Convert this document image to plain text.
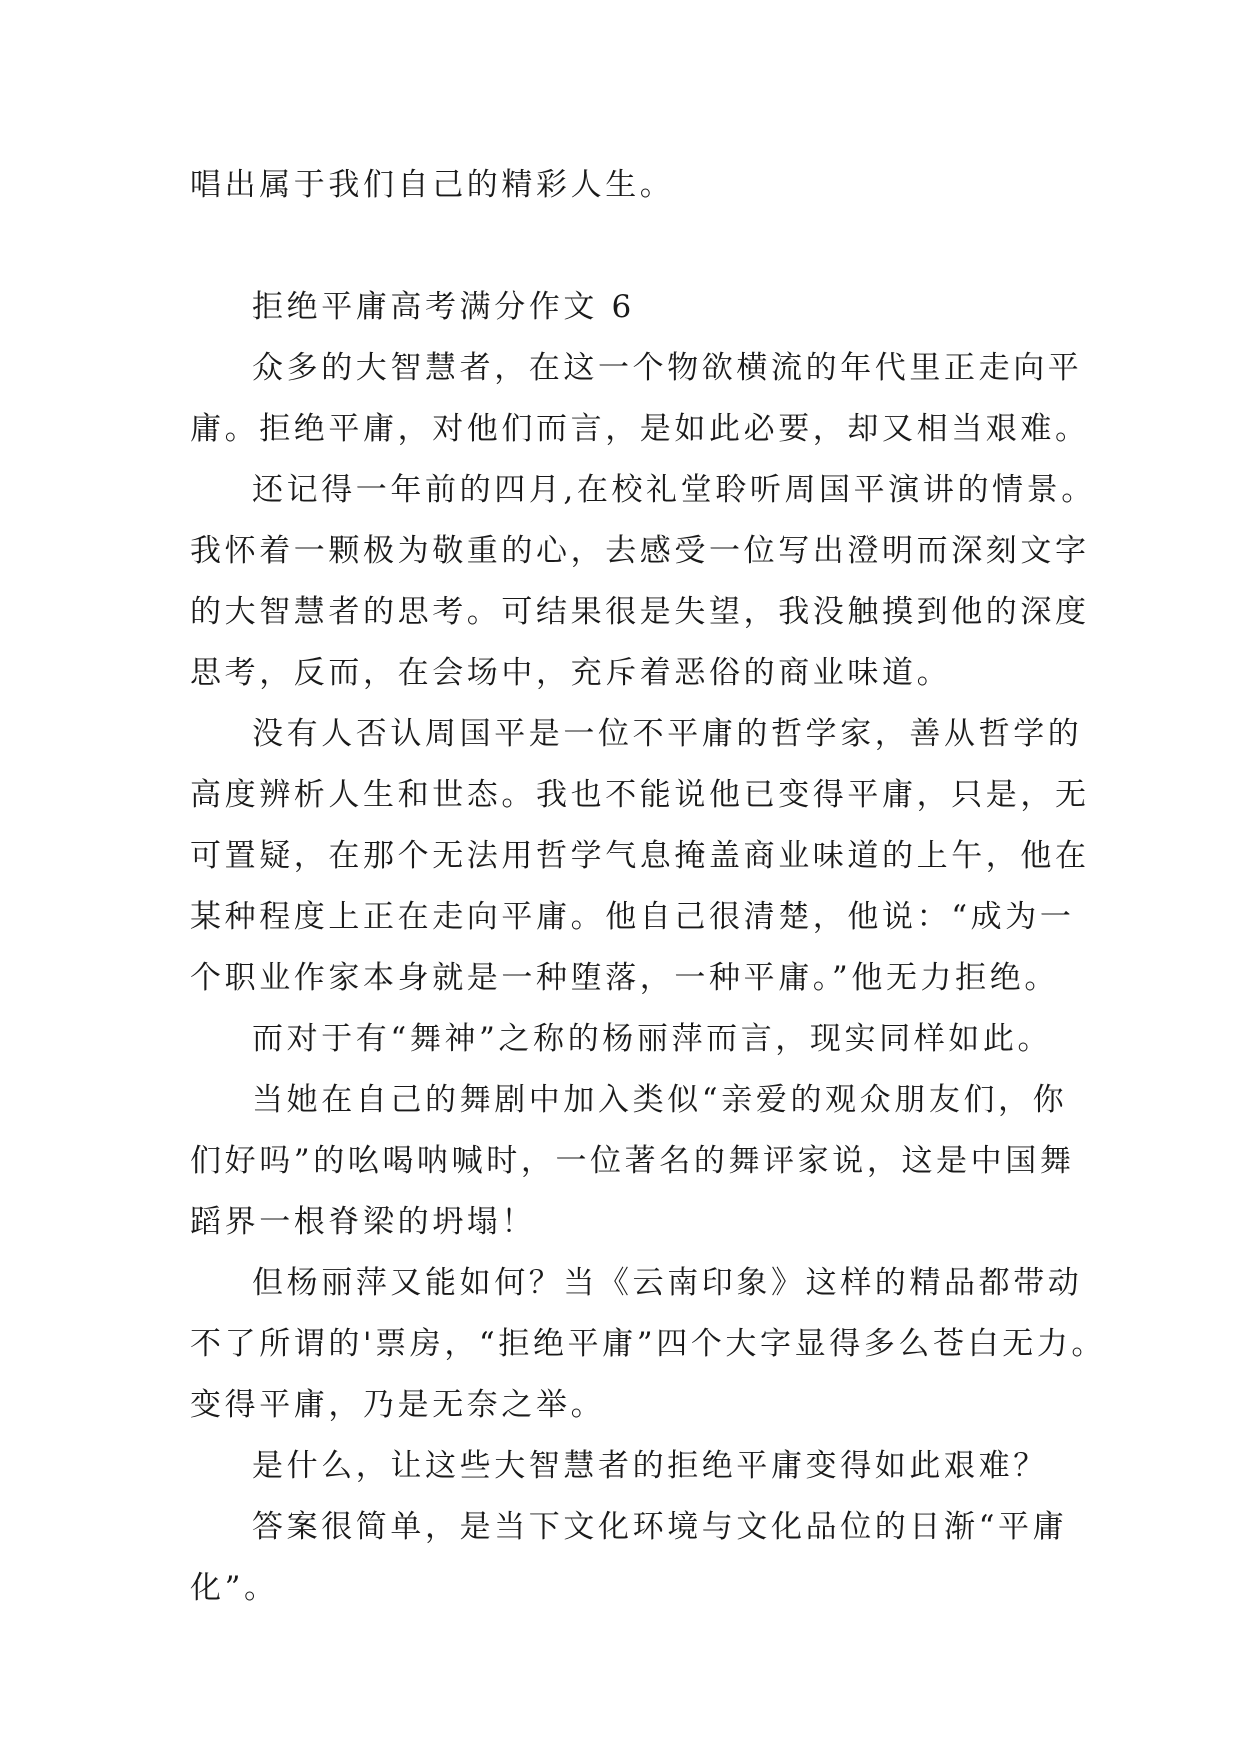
唱出属于我们自己的精彩人生。

拒绝平庸高考满分作文 6

众多的大智慧者，在这一个物欲横流的年代里正走向平
庸。拒绝平庸，对他们而言，是如此必要，却又相当艰难。

还记得一年前的四月,在校礼堂聆听周国平演讲的情景。
我怀着一颗极为敬重的心，去感受一位写出澄明而深刻文字
的大智慧者的思考。可结果很是失望，我没触摸到他的深度
思考，反而，在会场中，充斥着恶俗的商业味道。

没有人否认周国平是一位不平庸的哲学家，善从哲学的
高度辨析人生和世态。我也不能说他已变得平庸，只是，无
可置疑，在那个无法用哲学气息掩盖商业味道的上午，他在
某种程度上正在走向平庸。他自己很清楚，他说：“成为一
个职业作家本身就是一种堕落，一种平庸。”他无力拒绝。

而对于有“舞神”之称的杨丽萍而言，现实同样如此。

当她在自己的舞剧中加入类似“亲爱的观众朋友们，你
们好吗”的吆喝呐喊时，一位著名的舞评家说，这是中国舞
蹈界一根脊梁的坍塌！

但杨丽萍又能如何？当《云南印象》这样的精品都带动
不了所谓的'票房，“拒绝平庸”四个大字显得多么苍白无力。
变得平庸，乃是无奈之举。

是什么，让这些大智慧者的拒绝平庸变得如此艰难？

答案很简单，是当下文化环境与文化品位的日渐“平庸
化”。
